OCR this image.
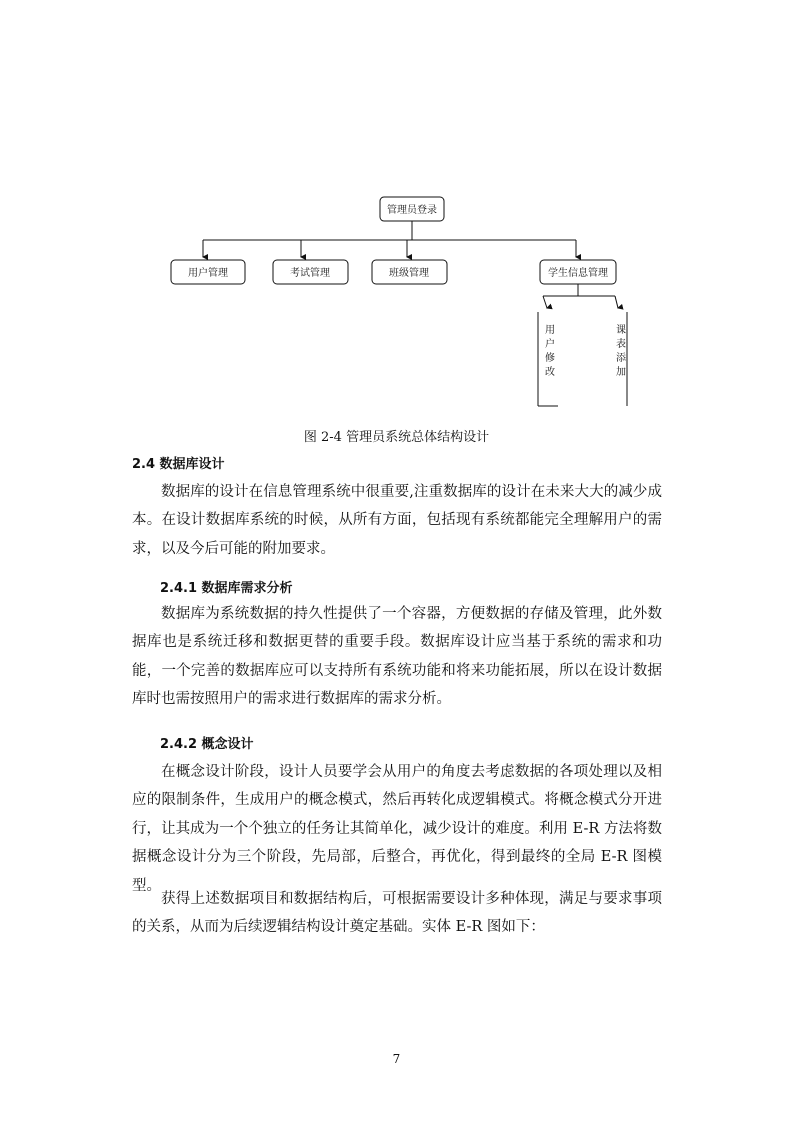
管理员登录
用户管理	考试管理	班级管理	学生信息管理
用户修改	课表添加
图 2-4 管理员系统总体结构设计
2.4 数据库设计
数据库的设计在信息管理系统中很重要,注重数据库的设计在未来大大的减少成本。在设计数据库系统的时候，从所有方面，包括现有系统都能完全理解用户的需求，以及今后可能的附加要求。
2.4.1 数据库需求分析
数据库为系统数据的持久性提供了一个容器，方便数据的存储及管理，此外数据库也是系统迁移和数据更替的重要手段。数据库设计应当基于系统的需求和功能，一个完善的数据库应可以支持所有系统功能和将来功能拓展，所以在设计数据库时也需按照用户的需求进行数据库的需求分析。
2.4.2 概念设计
在概念设计阶段，设计人员要学会从用户的角度去考虑数据的各项处理以及相应的限制条件，生成用户的概念模式，然后再转化成逻辑模式。将概念模式分开进行，让其成为一个个独立的任务让其简单化，减少设计的难度。利用 E-R 方法将数据概念设计分为三个阶段，先局部，后整合，再优化，得到最终的全局 E-R 图模型。
获得上述数据项目和数据结构后，可根据需要设计多种体现，满足与要求事项的关系，从而为后续逻辑结构设计奠定基础。实体 E-R 图如下：
7
